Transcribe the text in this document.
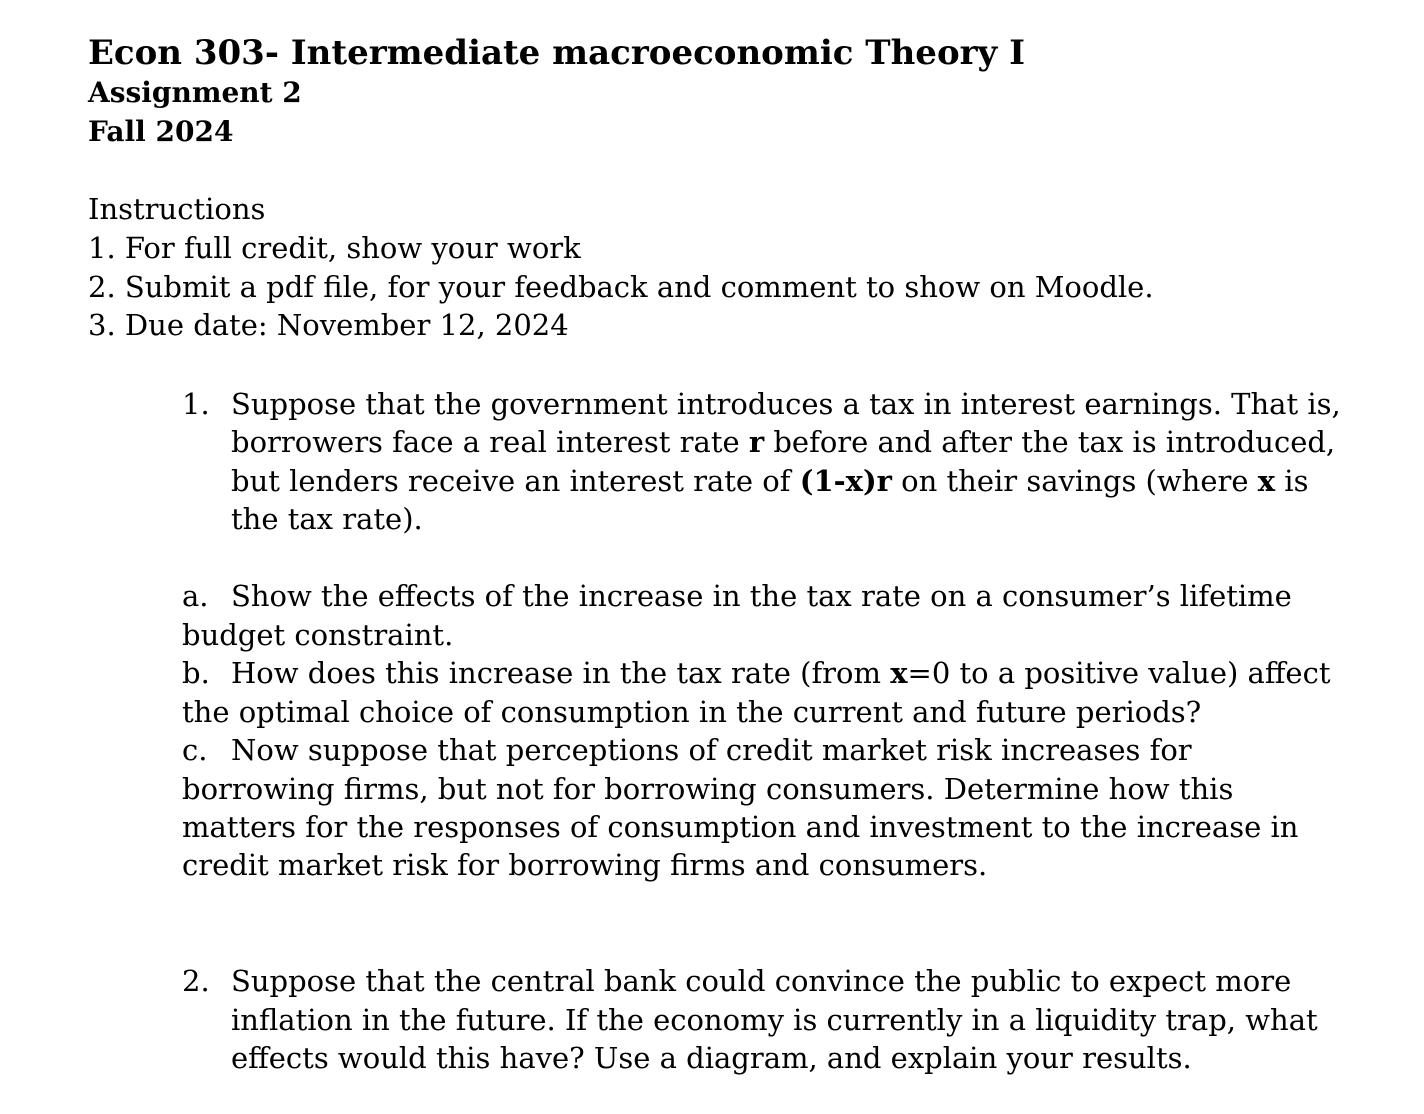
Econ 303- Intermediate macroeconomic Theory I
Assignment 2
Fall 2024
Instructions
1. For full credit, show your work
2. Submit a pdf file, for your feedback and comment to show on Moodle.
3. Due date: November 12, 2024
1. Suppose that the government introduces a tax in interest earnings. That is,
borrowers face a real interest rate r before and after the tax is introduced,
but lenders receive an interest rate of (1-x)r on their savings (where x is
the tax rate).
a. Show the effects of the increase in the tax rate on a consumer’s lifetime
budget constraint.
b. How does this increase in the tax rate (from x=0 to a positive value) affect
the optimal choice of consumption in the current and future periods?
c. Now suppose that perceptions of credit market risk increases for
borrowing firms, but not for borrowing consumers. Determine how this
matters for the responses of consumption and investment to the increase in
credit market risk for borrowing firms and consumers.
2. Suppose that the central bank could convince the public to expect more
inflation in the future. If the economy is currently in a liquidity trap, what
effects would this have? Use a diagram, and explain your results.
